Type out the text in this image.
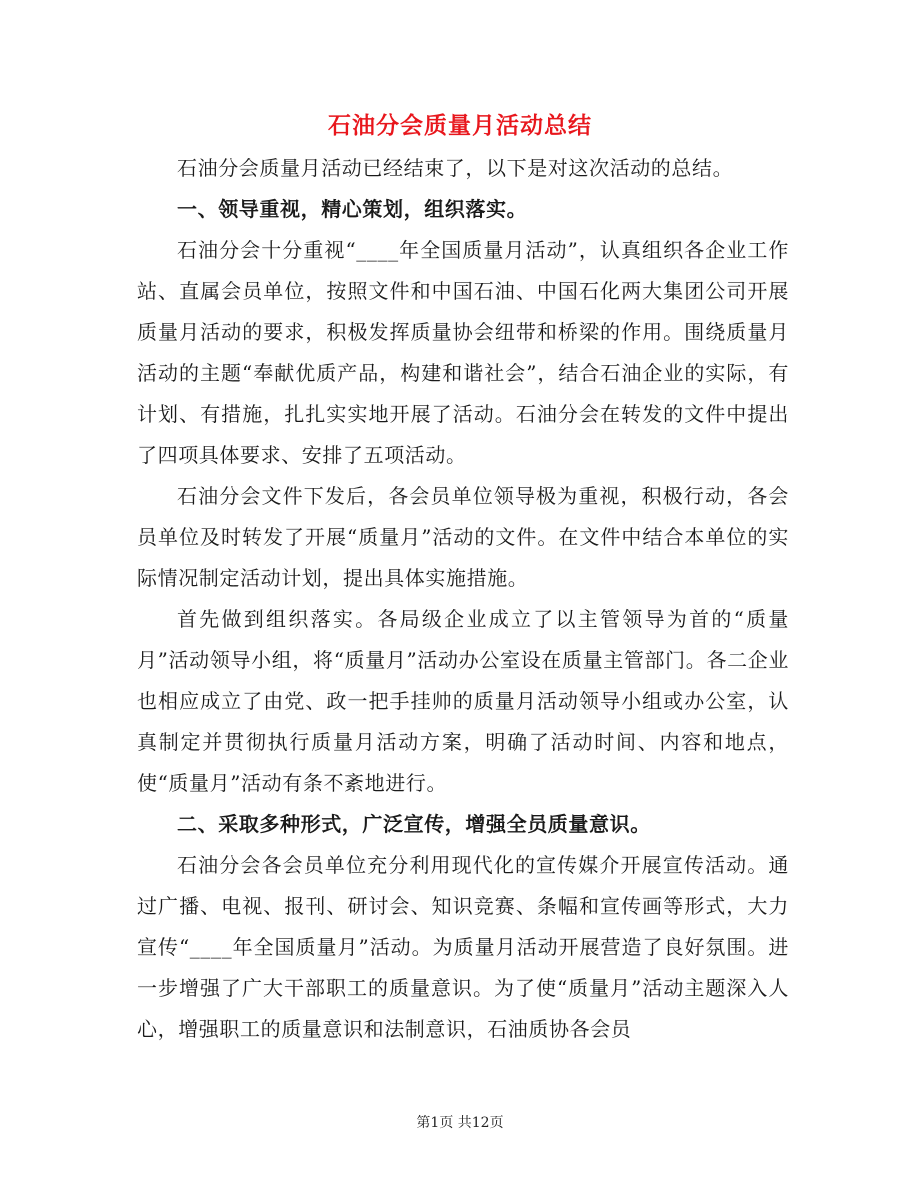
石油分会质量月活动总结

石油分会质量月活动已经结束了，以下是对这次活动的总结。

一、领导重视，精心策划，组织落实。

石油分会十分重视“____年全国质量月活动”，认真组织各企业工作站、直属会员单位，按照文件和中国石油、中国石化两大集团公司开展质量月活动的要求，积极发挥质量协会纽带和桥梁的作用。围绕质量月活动的主题“奉献优质产品，构建和谐社会”，结合石油企业的实际，有计划、有措施，扎扎实实地开展了活动。石油分会在转发的文件中提出了四项具体要求、安排了五项活动。

石油分会文件下发后，各会员单位领导极为重视，积极行动，各会员单位及时转发了开展“质量月”活动的文件。在文件中结合本单位的实际情况制定活动计划，提出具体实施措施。

首先做到组织落实。各局级企业成立了以主管领导为首的“质量月”活动领导小组，将“质量月”活动办公室设在质量主管部门。各二企业也相应成立了由党、政一把手挂帅的质量月活动领导小组或办公室，认真制定并贯彻执行质量月活动方案，明确了活动时间、内容和地点，使“质量月”活动有条不紊地进行。

二、采取多种形式，广泛宣传，增强全员质量意识。

石油分会各会员单位充分利用现代化的宣传媒介开展宣传活动。通过广播、电视、报刊、研讨会、知识竞赛、条幅和宣传画等形式，大力宣传“____年全国质量月”活动。为质量月活动开展营造了良好氛围。进一步增强了广大干部职工的质量意识。为了使“质量月”活动主题深入人心，增强职工的质量意识和法制意识，石油质协各会员

第1页 共12页
